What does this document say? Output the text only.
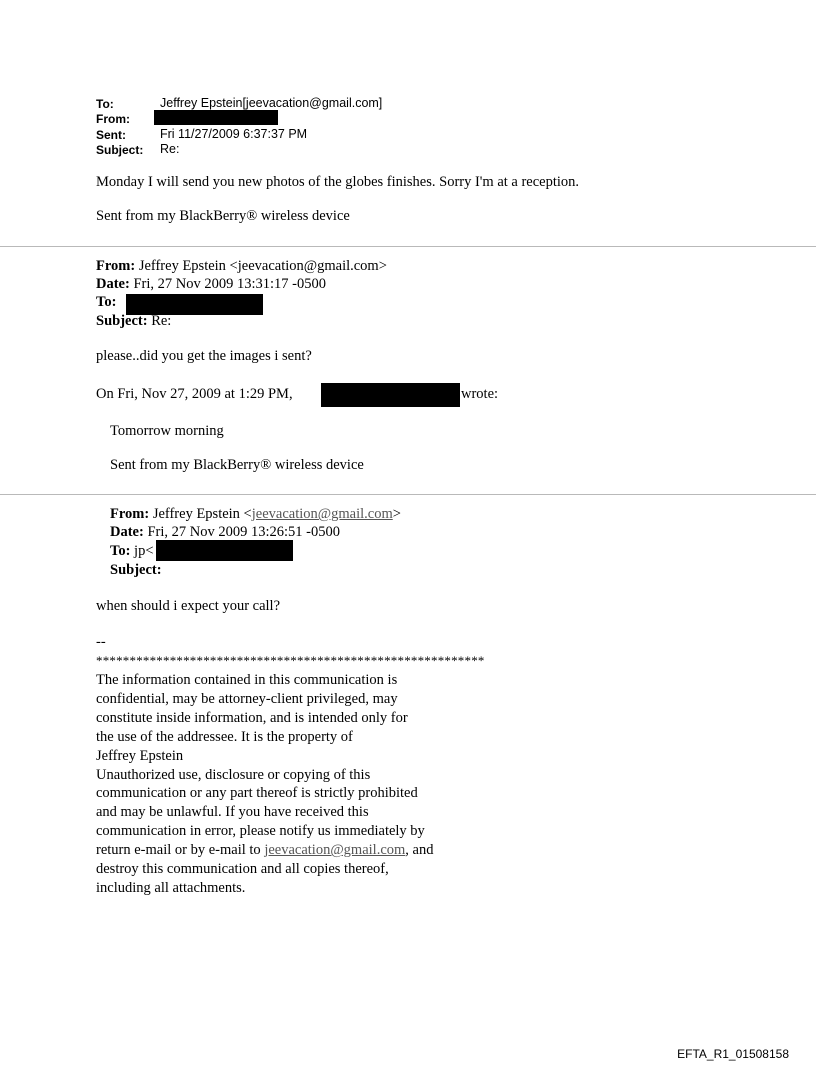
To:	Jeffrey Epstein[jeevacation@gmail.com]
From:
Sent:	Fri 11/27/2009 6:37:37 PM
Subject: Re:
Monday I will send you new photos of the globes finishes. Sorry I'm at a reception.
Sent from my BlackBerry® wireless device
From: Jeffrey Epstein <jeevacation@gmail.com>
Date: Fri, 27 Nov 2009 13:31:17 -0500
To:
Subject: Re:
please..did you get the images i sent?
On Fri, Nov 27, 2009 at 1:29 PM,	wrote:
Tomorrow morning
Sent from my BlackBerry® wireless device
From: Jeffrey Epstein <jeevacation@gmail.com>
Date: Fri, 27 Nov 2009 13:26:51 -0500
To: jp<
Subject:
when should i expect your call?
--
**********************************************************
The information contained in this communication is
confidential, may be attorney-client privileged, may
constitute inside information, and is intended only for
the use of the addressee. It is the property of
Jeffrey Epstein
Unauthorized use, disclosure or copying of this
communication or any part thereof is strictly prohibited
and may be unlawful. If you have received this
communication in error, please notify us immediately by
return e-mail or by e-mail to jeevacation@gmail.com, and
destroy this communication and all copies thereof,
including all attachments.
EFTA_R1_01508158
